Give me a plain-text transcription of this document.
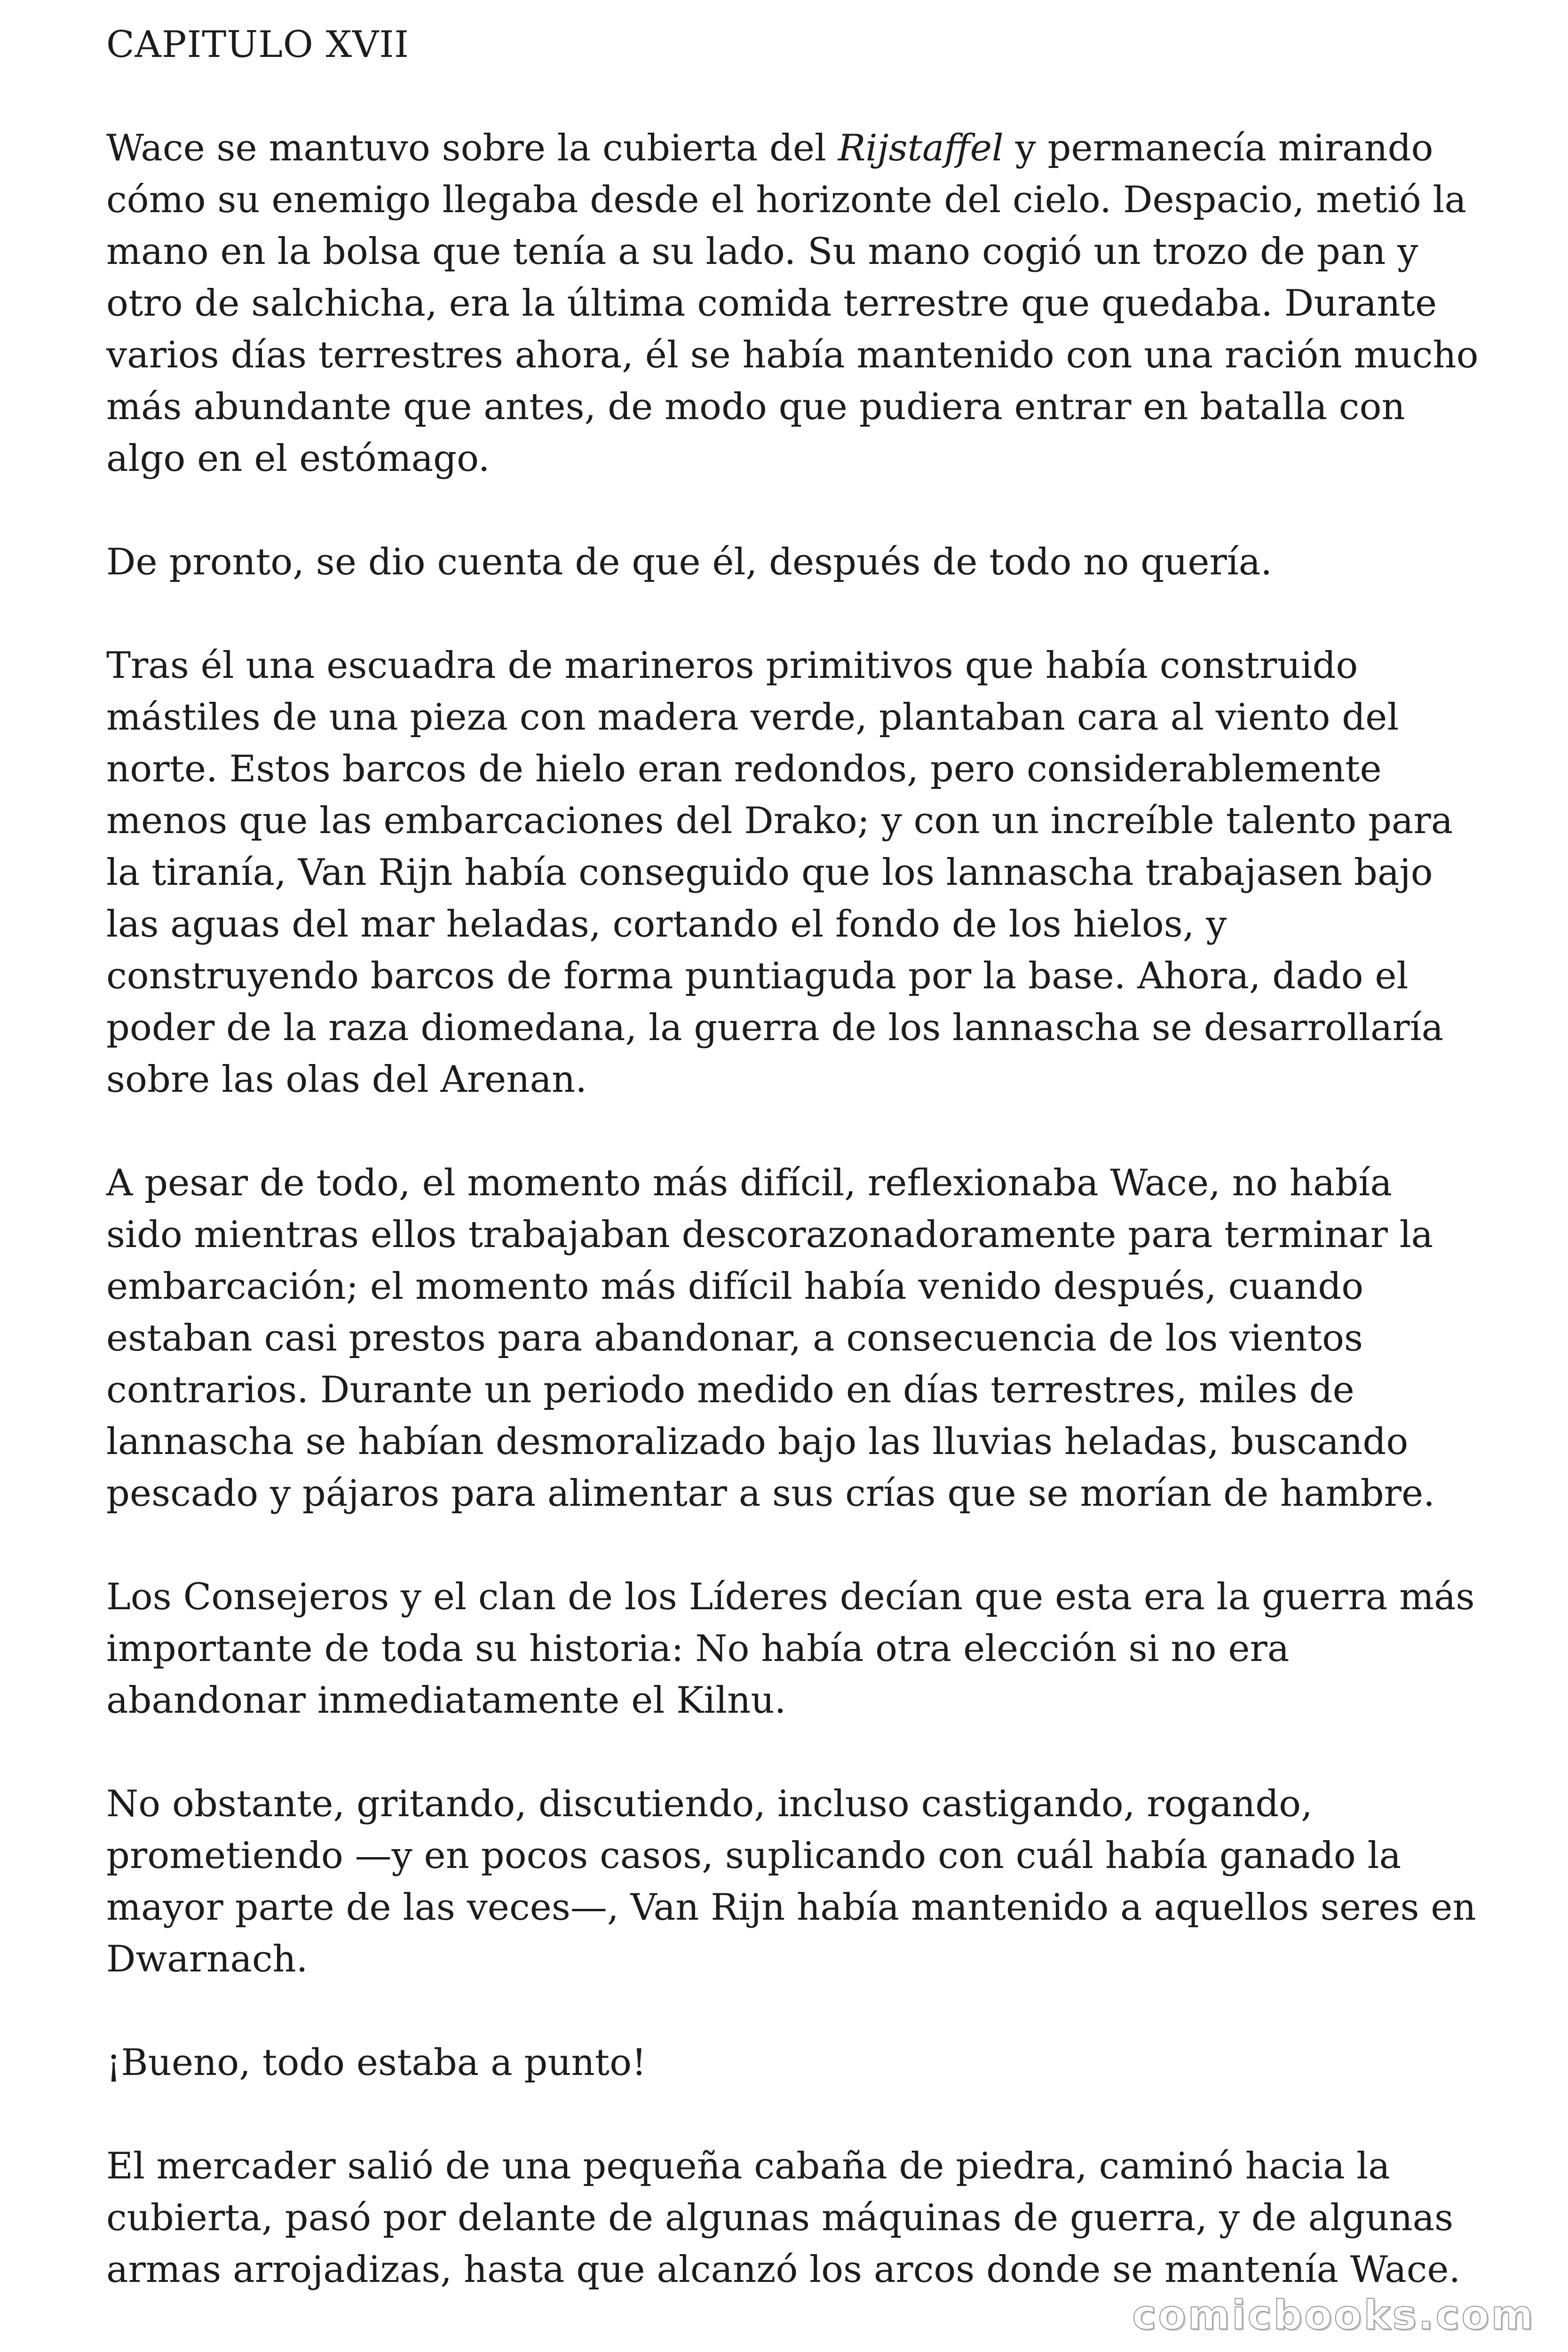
CAPITULO XVII

Wace se mantuvo sobre la cubierta del Rijstaffel y permanecía mirando cómo su enemigo llegaba desde el horizonte del cielo. Despacio, metió la mano en la bolsa que tenía a su lado. Su mano cogió un trozo de pan y otro de salchicha, era la última comida terrestre que quedaba. Durante varios días terrestres ahora, él se había mantenido con una ración mucho más abundante que antes, de modo que pudiera entrar en batalla con algo en el estómago.

De pronto, se dio cuenta de que él, después de todo no quería.

Tras él una escuadra de marineros primitivos que había construido mástiles de una pieza con madera verde, plantaban cara al viento del norte. Estos barcos de hielo eran redondos, pero considerablemente menos que las embarcaciones del Drako; y con un increíble talento para la tiranía, Van Rijn había conseguido que los lannascha trabajasen bajo las aguas del mar heladas, cortando el fondo de los hielos, y construyendo barcos de forma puntiaguda por la base. Ahora, dado el poder de la raza diomedana, la guerra de los lannascha se desarrollaría sobre las olas del Arenan.

A pesar de todo, el momento más difícil, reflexionaba Wace, no había sido mientras ellos trabajaban descorazonadoramente para terminar la embarcación; el momento más difícil había venido después, cuando estaban casi prestos para abandonar, a consecuencia de los vientos contrarios. Durante un periodo medido en días terrestres, miles de lannascha se habían desmoralizado bajo las lluvias heladas, buscando pescado y pájaros para alimentar a sus crías que se morían de hambre.

Los Consejeros y el clan de los Líderes decían que esta era la guerra más importante de toda su historia: No había otra elección si no era abandonar inmediatamente el Kilnu.

No obstante, gritando, discutiendo, incluso castigando, rogando, prometiendo —y en pocos casos, suplicando con cuál había ganado la mayor parte de las veces—, Van Rijn había mantenido a aquellos seres en Dwarnach.

¡Bueno, todo estaba a punto!

El mercader salió de una pequeña cabaña de piedra, caminó hacia la cubierta, pasó por delante de algunas máquinas de guerra, y de algunas armas arrojadizas, hasta que alcanzó los arcos donde se mantenía Wace.

comicbooks.com
